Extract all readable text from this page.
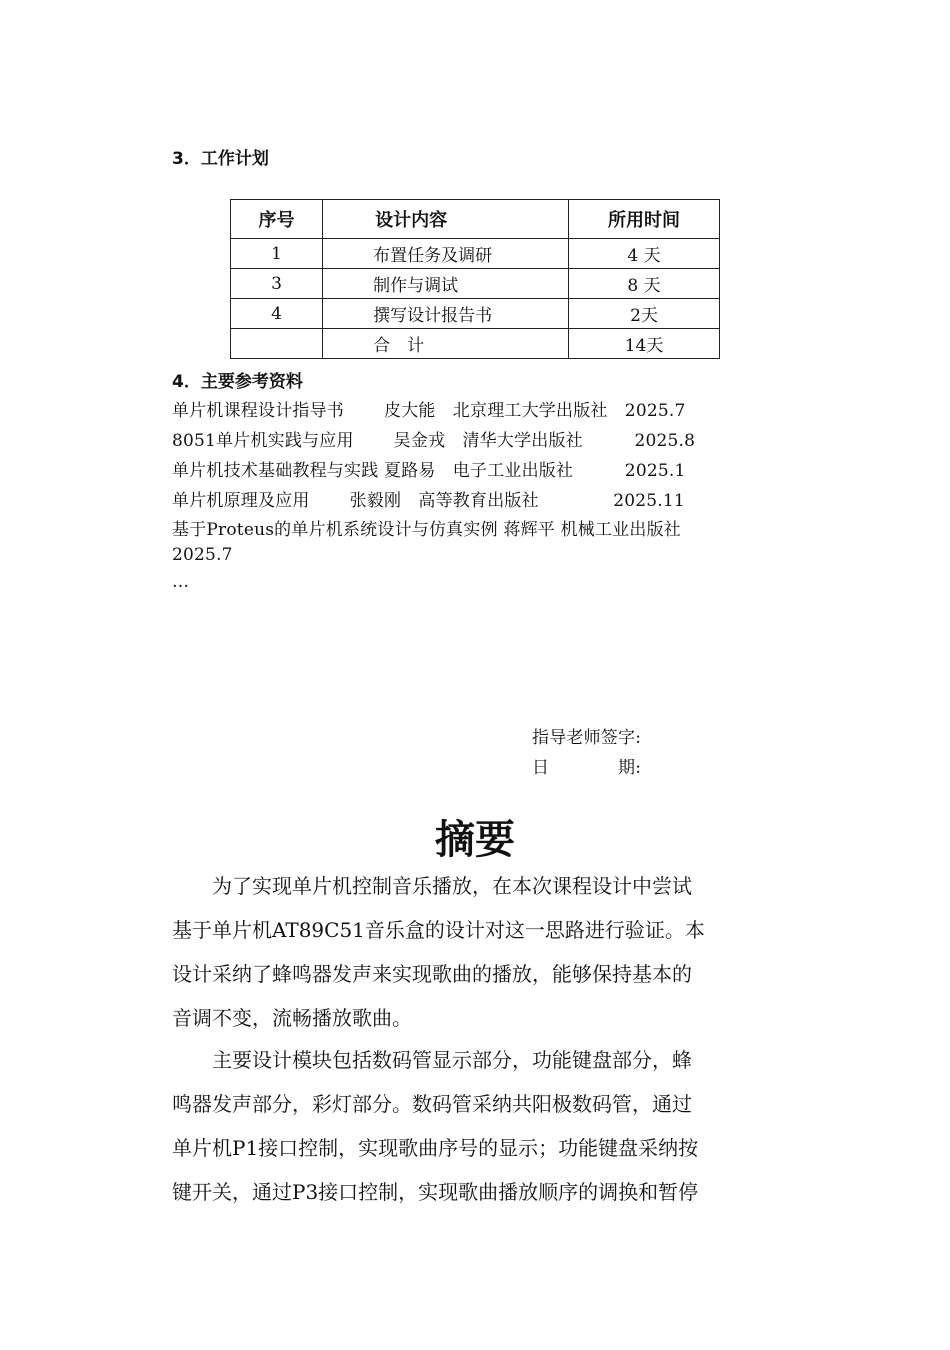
3．工作计划
序号	设计内容	所用时间
1	布置任务及调研	4 天
3	制作与调试	8 天
4	撰写设计报告书	2天
	合　计	14天
4．主要参考资料
单片机课程设计指导书　　 皮大能　北京理工大学出版社　2025.7
8051单片机实践与应用　　 吴金戎　清华大学出版社　　　2025.8
单片机技术基础教程与实践 夏路易　电子工业出版社　　　2025.1
单片机原理及应用　　 张毅刚　高等教育出版社　　　　 2025.11
基于Proteus的单片机系统设计与仿真实例 蒋辉平 机械工业出版社
2025.7
…
指导老师签字:
日　　　　期:
摘要
　　为了实现单片机控制音乐播放，在本次课程设计中尝试
基于单片机AT89C51音乐盒的设计对这一思路进行验证。本
设计采纳了蜂鸣器发声来实现歌曲的播放，能够保持基本的
音调不变，流畅播放歌曲。
　　主要设计模块包括数码管显示部分，功能键盘部分，蜂
鸣器发声部分，彩灯部分。数码管采纳共阳极数码管，通过
单片机P1接口控制，实现歌曲序号的显示；功能键盘采纳按
键开关，通过P3接口控制，实现歌曲播放顺序的调换和暂停
